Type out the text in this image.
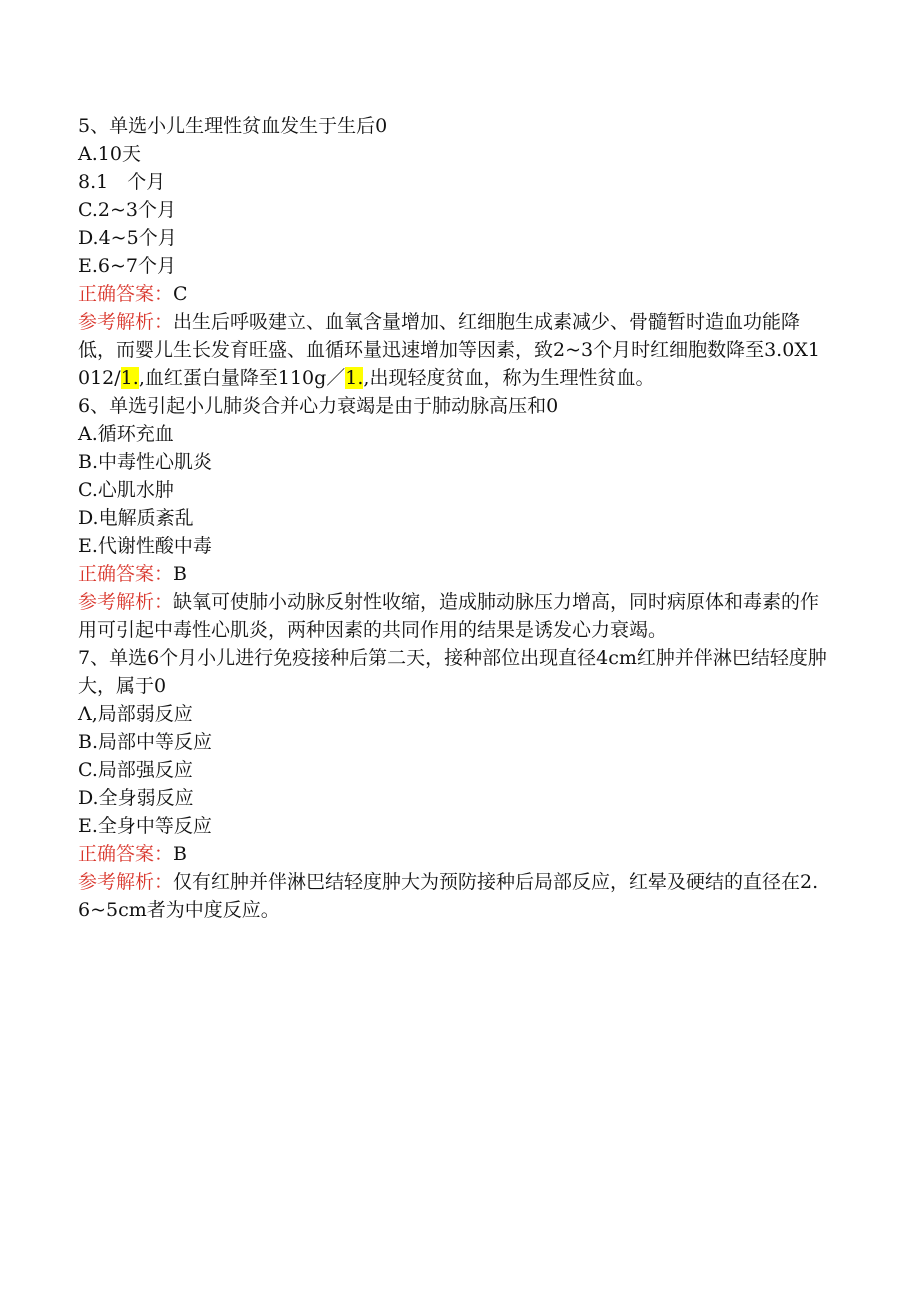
5、单选小儿生理性贫血发生于生后0
A.10天
8.1　个月
C.2~3个月
D.4~5个月
E.6~7个月
正确答案：C
参考解析：出生后呼吸建立、血氧含量增加、红细胞生成素减少、骨髓暂时造血功能降低，而婴儿生长发育旺盛、血循环量迅速增加等因素，致2~3个月时红细胞数降至3.0X1012/1.,血红蛋白量降至110g／1.,出现轻度贫血，称为生理性贫血。
6、单选引起小儿肺炎合并心力衰竭是由于肺动脉高压和0
A.循环充血
B.中毒性心肌炎
C.心肌水肿
D.电解质紊乱
E.代谢性酸中毒
正确答案：B
参考解析：缺氧可使肺小动脉反射性收缩，造成肺动脉压力增高，同时病原体和毒素的作用可引起中毒性心肌炎，两种因素的共同作用的结果是诱发心力衰竭。
7、单选6个月小儿进行免疫接种后第二天，接种部位出现直径4cm红肿并伴淋巴结轻度肿大，属于0
Λ,局部弱反应
B.局部中等反应
C.局部强反应
D.全身弱反应
E.全身中等反应
正确答案：B
参考解析：仅有红肿并伴淋巴结轻度肿大为预防接种后局部反应，红晕及硬结的直径在2.6~5cm者为中度反应。
